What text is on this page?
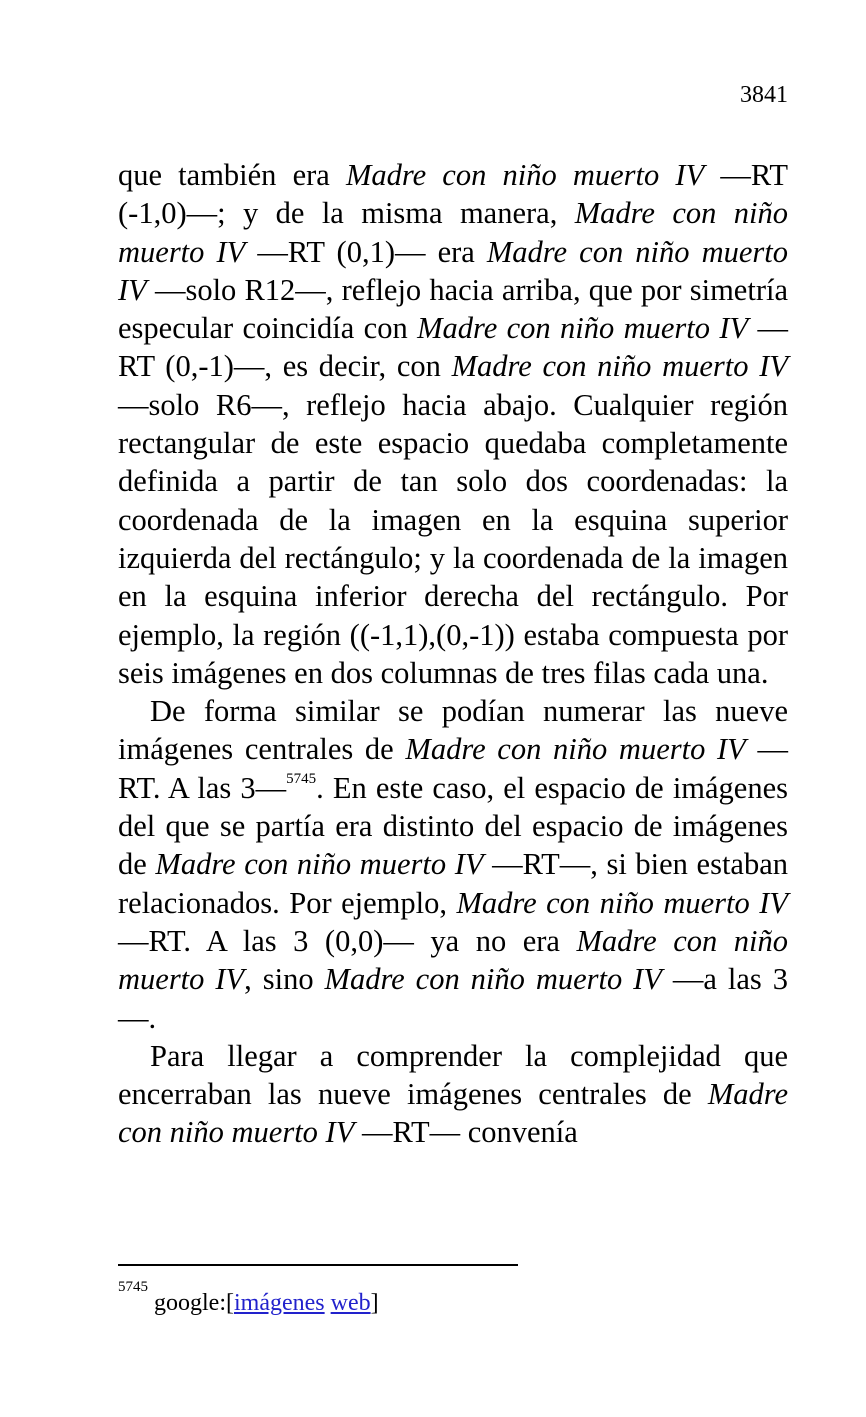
3841

que también era Madre con niño muerto IV —RT (-1,0)—; y de la misma manera, Madre con niño muerto IV —RT (0,1)— era Madre con niño muerto IV —solo R12—, reflejo hacia arriba, que por simetría especular coincidía con Madre con niño muerto IV —RT (0,-1)—, es decir, con Madre con niño muerto IV —solo R6—, reflejo hacia abajo. Cualquier región rectangular de este espacio quedaba completamente definida a partir de tan solo dos coordenadas: la coordenada de la imagen en la esquina superior izquierda del rectángulo; y la coordenada de la imagen en la esquina inferior derecha del rectángulo. Por ejemplo, la región ((-1,1),(0,-1)) estaba compuesta por seis imágenes en dos columnas de tres filas cada una.

De forma similar se podían numerar las nueve imágenes centrales de Madre con niño muerto IV —RT. A las 3—$^{5745}$. En este caso, el espacio de imágenes del que se partía era distinto del espacio de imágenes de Madre con niño muerto IV —RT—, si bien estaban relacionados. Por ejemplo, Madre con niño muerto IV —RT. A las 3 (0,0)— ya no era Madre con niño muerto IV, sino Madre con niño muerto IV —a las 3—.

Para llegar a comprender la complejidad que encerraban las nueve imágenes centrales de Madre con niño muerto IV —RT— convenía

$^{5745}$ google:[imágenes web]
